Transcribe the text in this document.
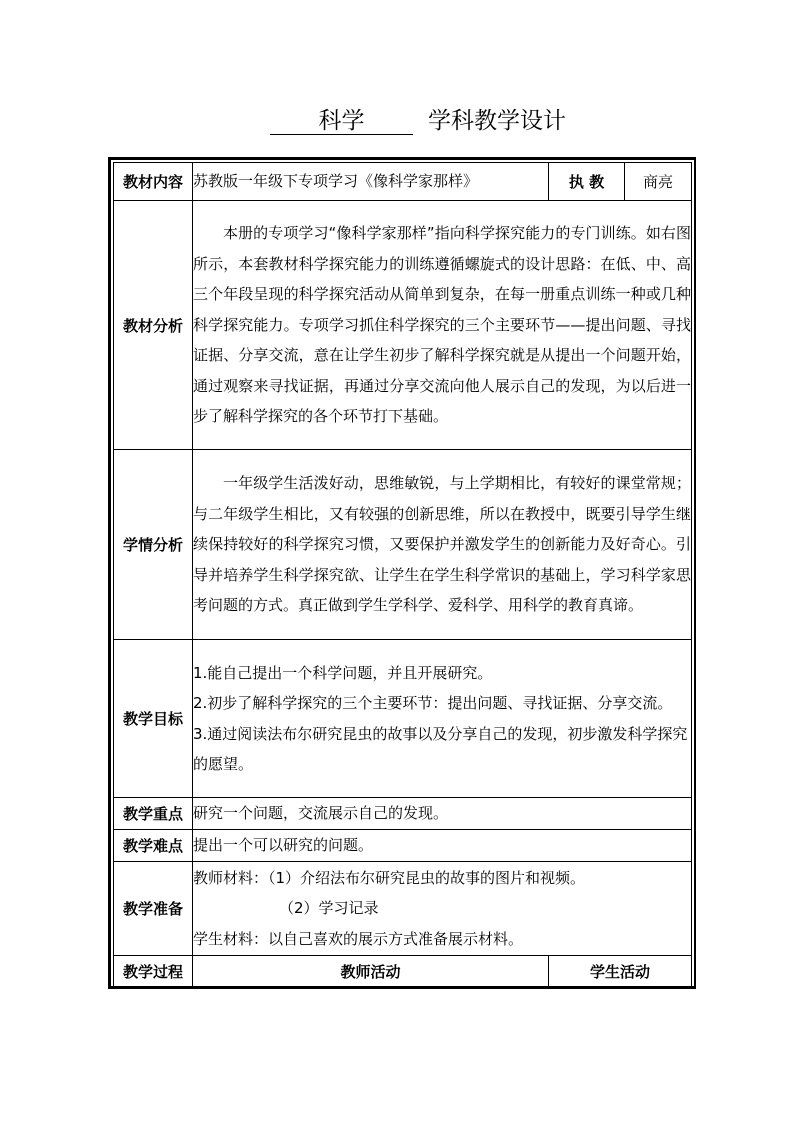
科学	学科教学设计
教材内容	苏教版一年级下专项学习《像科学家那样》	执 教	商亮
教材分析	本册的专项学习“像科学家那样”指向科学探究能力的专门训练。如右图所示，本套教材科学探究能力的训练遵循螺旋式的设计思路：在低、中、高三个年段呈现的科学探究活动从简单到复杂，在每一册重点训练一种或几种科学探究能力。专项学习抓住科学探究的三个主要环节——提出问题、寻找证据、分享交流，意在让学生初步了解科学探究就是从提出一个问题开始，通过观察来寻找证据，再通过分享交流向他人展示自己的发现，为以后进一步了解科学探究的各个环节打下基础。		
学情分析	一年级学生活泼好动，思维敏锐，与上学期相比，有较好的课堂常规；与二年级学生相比，又有较强的创新思维，所以在教授中，既要引导学生继续保持较好的科学探究习惯，又要保护并激发学生的创新能力及好奇心。引导并培养学生科学探究欲、让学生在学生科学常识的基础上，学习科学家思考问题的方式。真正做到学生学科学、爱科学、用科学的教育真谛。		
教学目标	1.能自己提出一个科学问题，并且开展研究。
2.初步了解科学探究的三个主要环节：提出问题、寻找证据、分享交流。
3.通过阅读法布尔研究昆虫的故事以及分享自己的发现，初步激发科学探究的愿望。		

教学重点	研究一个问题，交流展示自己的发现。		
教学难点	提出一个可以研究的问题。		
教学准备	教师材料：（1）介绍法布尔研究昆虫的故事的图片和视频。
（2）学习记录
学生材料：以自己喜欢的展示方式准备展示材料。		

教学过程	教师活动	学生活动	
